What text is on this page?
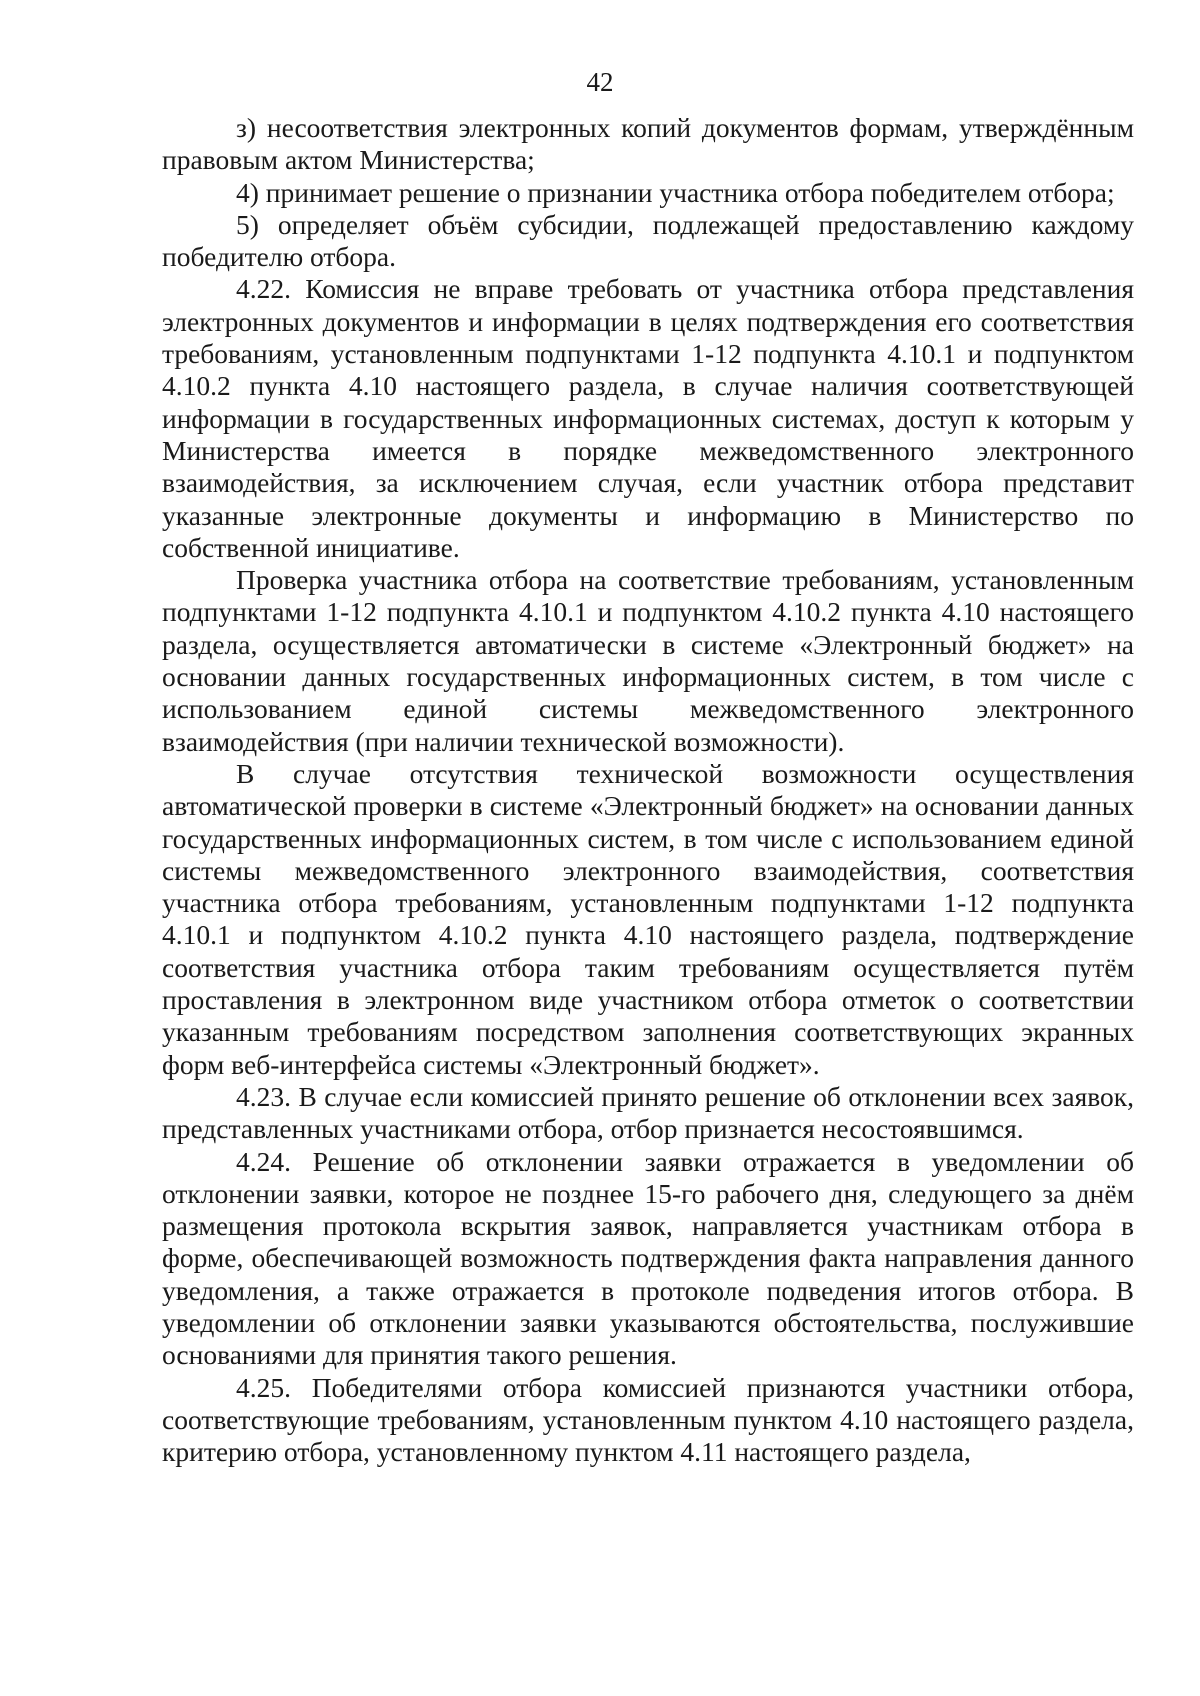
42

з) несоответствия электронных копий документов формам, утверждённым правовым актом Министерства;

4) принимает решение о признании участника отбора победителем отбора;

5) определяет объём субсидии, подлежащей предоставлению каждому победителю отбора.

4.22. Комиссия не вправе требовать от участника отбора представления электронных документов и информации в целях подтверждения его соответствия требованиям, установленным подпунктами 1-12 подпункта 4.10.1 и подпунктом 4.10.2 пункта 4.10 настоящего раздела, в случае наличия соответствующей информации в государственных информационных системах, доступ к которым у Министерства имеется в порядке межведомственного электронного взаимодействия, за исключением случая, если участник отбора представит указанные электронные документы и информацию в Министерство по собственной инициативе.

Проверка участника отбора на соответствие требованиям, установленным подпунктами 1-12 подпункта 4.10.1 и подпунктом 4.10.2 пункта 4.10 настоящего раздела, осуществляется автоматически в системе «Электронный бюджет» на основании данных государственных информационных систем, в том числе с использованием единой системы межведомственного электронного взаимодействия (при наличии технической возможности).

В случае отсутствия технической возможности осуществления автоматической проверки в системе «Электронный бюджет» на основании данных государственных информационных систем, в том числе с использованием единой системы межведомственного электронного взаимодействия, соответствия участника отбора требованиям, установленным подпунктами 1-12 подпункта 4.10.1 и подпунктом 4.10.2 пункта 4.10 настоящего раздела, подтверждение соответствия участника отбора таким требованиям осуществляется путём проставления в электронном виде участником отбора отметок о соответствии указанным требованиям посредством заполнения соответствующих экранных форм веб-интерфейса системы «Электронный бюджет».

4.23. В случае если комиссией принято решение об отклонении всех заявок, представленных участниками отбора, отбор признается несостоявшимся.

4.24. Решение об отклонении заявки отражается в уведомлении об отклонении заявки, которое не позднее 15-го рабочего дня, следующего за днём размещения протокола вскрытия заявок, направляется участникам отбора в форме, обеспечивающей возможность подтверждения факта направления данного уведомления, а также отражается в протоколе подведения итогов отбора. В уведомлении об отклонении заявки указываются обстоятельства, послужившие основаниями для принятия такого решения.

4.25. Победителями отбора комиссией признаются участники отбора, соответствующие требованиям, установленным пунктом 4.10 настоящего раздела, критерию отбора, установленному пунктом 4.11 настоящего раздела,
